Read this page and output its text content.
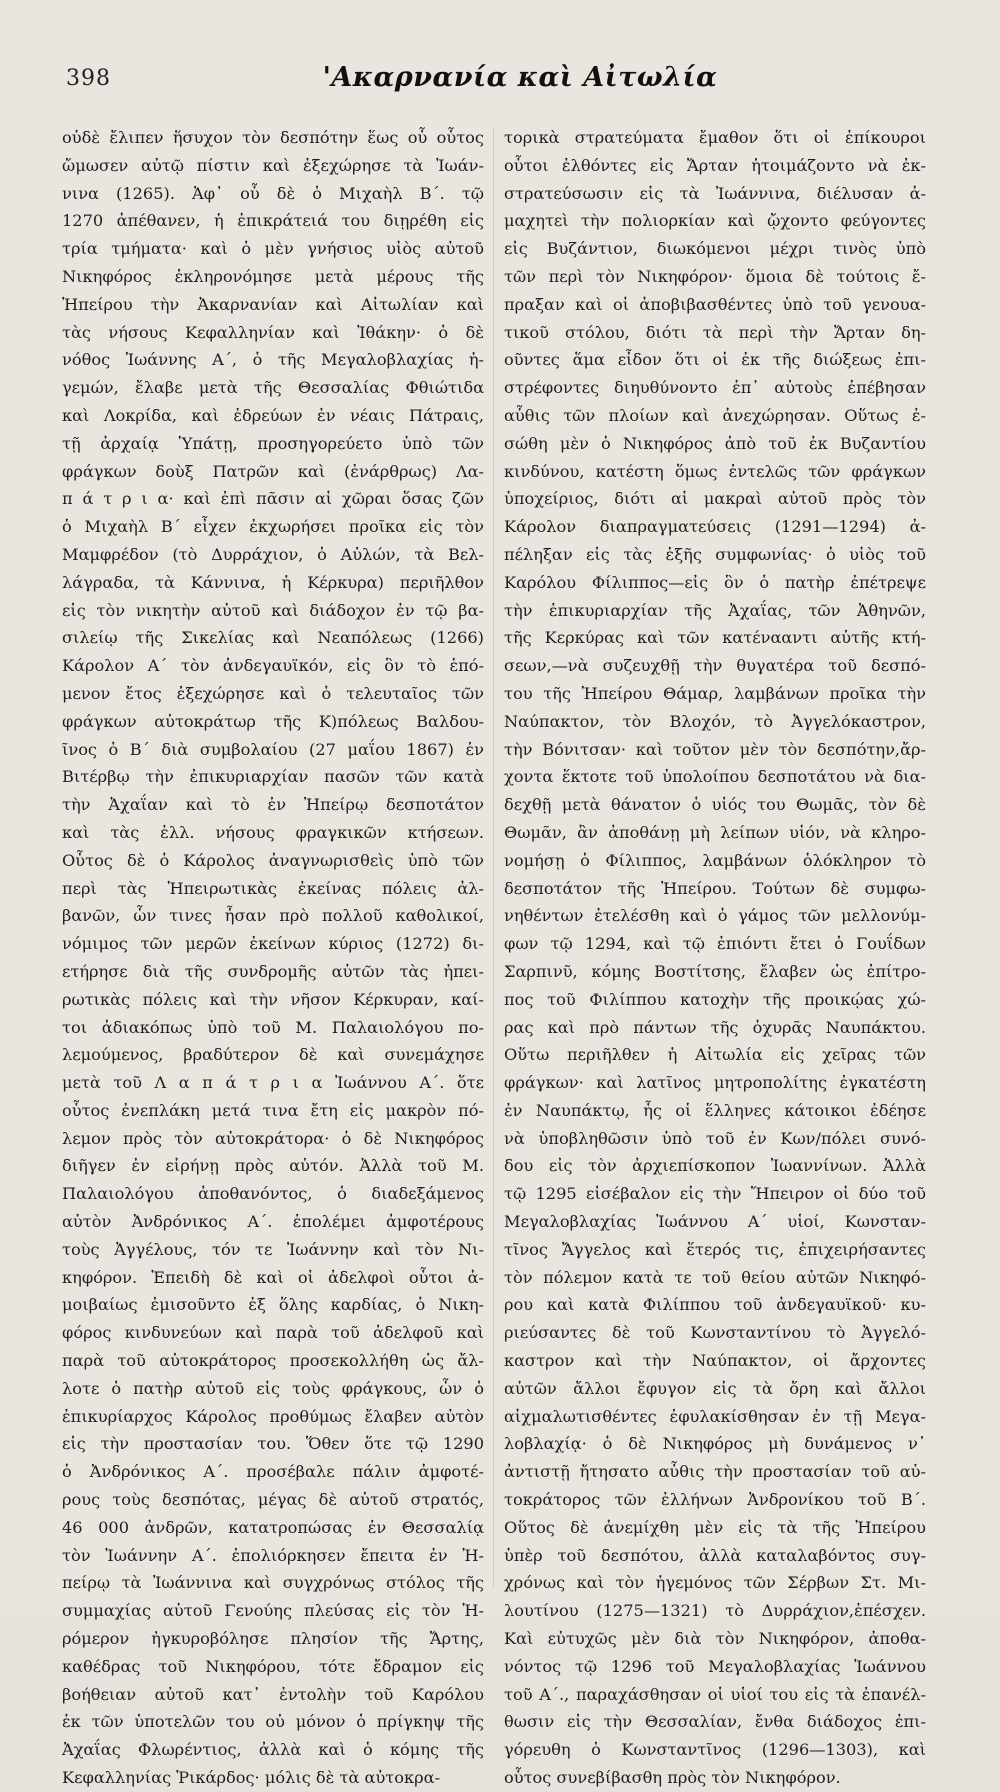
398	'Ακαρνανία καὶ Αἰτωλία
οὐδὲ ἔλιπεν ἥσυχον τὸν δεσπότην ἕως οὗ οὗτος
ὤμωσεν αὐτῷ πίστιν καὶ ἐξεχώρησε τὰ Ἰωάν-
νινα (1265). Ἀφ᾽ οὗ δὲ ὁ Μιχαὴλ Β΄. τῷ
1270 ἀπέθανεν, ἡ ἐπικράτειά του διῃρέθη εἰς
τρία τμήματα· καὶ ὁ μὲν γνήσιος υἱὸς αὐτοῦ
Νικηφόρος ἐκληρονόμησε μετὰ μέρους τῆς
Ἠπείρου τὴν Ἀκαρνανίαν καὶ Αἰτωλίαν καὶ
τὰς νήσους Κεφαλληνίαν καὶ Ἰθάκην· ὁ δὲ
νόθος Ἰωάννης Α΄, ὁ τῆς Μεγαλοβλαχίας ἡ-
γεμών, ἔλαβε μετὰ τῆς Θεσσαλίας Φθιώτιδα
καὶ Λοκρίδα, καὶ ἑδρεύων ἐν νέαις Πάτραις,
τῇ ἀρχαίᾳ Ὑπάτῃ, προσηγορεύετο ὑπὸ τῶν
φράγκων δοὺξ Πατρῶν καὶ (ἐνάρθρως) Λα-
π ά τ ρ ι α· καὶ ἐπὶ πᾶσιν αἱ χῶραι ὅσας ζῶν
ὁ Μιχαὴλ Β΄ εἶχεν ἐκχωρήσει προῖκα εἰς τὸν
Μαμφρέδον (τὸ Δυρράχιον, ὁ Αὐλών, τὰ Βελ-
λάγραδα, τὰ Κάννινα, ἡ Κέρκυρα) περιῆλθον
εἰς τὸν νικητὴν αὐτοῦ καὶ διάδοχον ἐν τῷ βα-
σιλείῳ τῆς Σικελίας καὶ Νεαπόλεως (1266)
Κάρολον Α΄ τὸν ἀνδεγαυϊκόν, εἰς ὃν τὸ ἑπό-
μενον ἔτος ἐξεχώρησε καὶ ὁ τελευταῖος τῶν
φράγκων αὐτοκράτωρ τῆς Κ)πόλεως Βαλδου-
ῖνος ὁ Β΄ διὰ συμβολαίου (27 μαΐου 1867) ἐν
Βιτέρβῳ τὴν ἐπικυριαρχίαν πασῶν τῶν κατὰ
τὴν Ἀχαΐαν καὶ τὸ ἐν Ἠπείρῳ δεσποτάτον
καὶ τὰς ἑλλ. νήσους φραγκικῶν κτήσεων.
Οὗτος δὲ ὁ Κάρολος ἀναγνωρισθεὶς ὑπὸ τῶν
περὶ τὰς Ἠπειρωτικὰς ἐκείνας πόλεις ἀλ-
βανῶν, ὧν τινες ἦσαν πρὸ πολλοῦ καθολικοί,
νόμιμος τῶν μερῶν ἐκείνων κύριος (1272) δι-
ετήρησε διὰ τῆς συνδρομῆς αὐτῶν τὰς ἠπει-
ρωτικὰς πόλεις καὶ τὴν νῆσον Κέρκυραν, καί-
τοι ἀδιακόπως ὑπὸ τοῦ Μ. Παλαιολόγου πο-
λεμούμενος, βραδύτερον δὲ καὶ συνεμάχησε
μετὰ τοῦ Λ α π ά τ ρ ι α Ἰωάννου Α΄. ὅτε
οὗτος ἐνεπλάκη μετά τινα ἔτη εἰς μακρὸν πό-
λεμον πρὸς τὸν αὐτοκράτορα· ὁ δὲ Νικηφόρος
διῆγεν ἐν εἰρήνῃ πρὸς αὐτόν. Ἀλλὰ τοῦ Μ.
Παλαιολόγου ἀποθανόντος, ὁ διαδεξάμενος
αὐτὸν Ἀνδρόνικος Α΄. ἐπολέμει ἀμφοτέρους
τοὺς Ἀγγέλους, τόν τε Ἰωάννην καὶ τὸν Νι-
κηφόρον. Ἐπειδὴ δὲ καὶ οἱ ἀδελφοὶ οὗτοι ἀ-
μοιβαίως ἐμισοῦντο ἐξ ὅλης καρδίας, ὁ Νικη-
φόρος κινδυνεύων καὶ παρὰ τοῦ ἀδελφοῦ καὶ
παρὰ τοῦ αὐτοκράτορος προσεκολλήθη ὡς ἄλ-
λοτε ὁ πατὴρ αὐτοῦ εἰς τοὺς φράγκους, ὧν ὁ
ἐπικυρίαρχος Κάρολος προθύμως ἔλαβεν αὐτὸν
εἰς τὴν προστασίαν του. Ὅθεν ὅτε τῷ 1290
ὁ Ἀνδρόνικος Α΄. προσέβαλε πάλιν ἀμφοτέ-
ρους τοὺς δεσπότας, μέγας δὲ αὐτοῦ στρατός,
46 000 ἀνδρῶν, κατατροπώσας ἐν Θεσσαλίᾳ
τὸν Ἰωάννην Α΄. ἐπολιόρκησεν ἔπειτα ἐν Ἠ-
πείρῳ τὰ Ἰωάννινα καὶ συγχρόνως στόλος τῆς
συμμαχίας αὐτοῦ Γενούης πλεύσας εἰς τὸν Ἠ-
ρόμερον ἠγκυροβόλησε πλησίον τῆς Ἄρτης,
καθέδρας τοῦ Νικηφόρου, τότε ἔδραμον εἰς
βοήθειαν αὐτοῦ κατ᾽ ἐντολὴν τοῦ Καρόλου
ἐκ τῶν ὑποτελῶν του οὐ μόνον ὁ πρίγκηψ τῆς
Ἀχαΐας Φλωρέντιος, ἀλλὰ καὶ ὁ κόμης τῆς
Κεφαλληνίας Ῥικάρδος· μόλις δὲ τὰ αὐτοκρα-
τορικὰ στρατεύματα ἔμαθον ὅτι οἱ ἐπίκουροι
οὗτοι ἐλθόντες εἰς Ἄρταν ἡτοιμάζοντο νὰ ἐκ-
στρατεύσωσιν εἰς τὰ Ἰωάννινα, διέλυσαν ἀ-
μαχητεὶ τὴν πολιορκίαν καὶ ᾤχοντο φεύγοντες
εἰς Βυζάντιον, διωκόμενοι μέχρι τινὸς ὑπὸ
τῶν περὶ τὸν Νικηφόρον· ὅμοια δὲ τούτοις ἔ-
πραξαν καὶ οἱ ἀποβιβασθέντες ὑπὸ τοῦ γενουα-
τικοῦ στόλου, διότι τὰ περὶ τὴν Ἄρταν δη-
οῦντες ἅμα εἶδον ὅτι οἱ ἐκ τῆς διώξεως ἐπι-
στρέφοντες διηυθύνοντο ἐπ᾽ αὐτοὺς ἐπέβησαν
αὖθις τῶν πλοίων καὶ ἀνεχώρησαν. Οὕτως ἐ-
σώθη μὲν ὁ Νικηφόρος ἀπὸ τοῦ ἐκ Βυζαντίου
κινδύνου, κατέστη ὅμως ἐντελῶς τῶν φράγκων
ὑποχείριος, διότι αἱ μακραὶ αὐτοῦ πρὸς τὸν
Κάρολον διαπραγματεύσεις (1291—1294) ἀ-
πέληξαν εἰς τὰς ἑξῆς συμφωνίας· ὁ υἱὸς τοῦ
Καρόλου Φίλιππος—εἰς ὃν ὁ πατὴρ ἐπέτρεψε
τὴν ἐπικυριαρχίαν τῆς Ἀχαΐας, τῶν Ἀθηνῶν,
τῆς Κερκύρας καὶ τῶν κατένααντι αὐτῆς κτή-
σεων,—νὰ συζευχθῇ τὴν θυγατέρα τοῦ δεσπό-
του τῆς Ἠπείρου Θάμαρ, λαμβάνων προῖκα τὴν
Ναύπακτον, τὸν Βλοχόν, τὸ Ἀγγελόκαστρον,
τὴν Βόνιτσαν· καὶ τοῦτον μὲν τὸν δεσπότην,ἄρ-
χοντα ἕκτοτε τοῦ ὑπολοίπου δεσποτάτου νὰ δια-
δεχθῇ μετὰ θάνατον ὁ υἱός του Θωμᾶς, τὸν δὲ
Θωμᾶν, ἂν ἀποθάνῃ μὴ λείπων υἱόν, νὰ κληρο-
νομήσῃ ὁ Φίλιππος, λαμβάνων ὁλόκληρον τὸ
δεσποτάτον τῆς Ἠπείρου. Τούτων δὲ συμφω-
νηθέντων ἐτελέσθη καὶ ὁ γάμος τῶν μελλονύμ-
φων τῷ 1294, καὶ τῷ ἐπιόντι ἔτει ὁ Γουΐδων
Σαρπινῦ, κόμης Βοστίτσης, ἔλαβεν ὡς ἐπίτρο-
πος τοῦ Φιλίππου κατοχὴν τῆς προικῴας χώ-
ρας καὶ πρὸ πάντων τῆς ὀχυρᾶς Ναυπάκτου.
Οὕτω περιῆλθεν ἡ Αἰτωλία εἰς χεῖρας τῶν
φράγκων· καὶ λατῖνος μητροπολίτης ἐγκατέστη
ἐν Ναυπάκτῳ, ἧς οἱ ἕλληνες κάτοικοι ἐδέησε
νὰ ὑποβληθῶσιν ὑπὸ τοῦ ἐν Κων/πόλει συνό-
δου εἰς τὸν ἀρχιεπίσκοπον Ἰωαννίνων. Ἀλλὰ
τῷ 1295 εἰσέβαλον εἰς τὴν Ἤπειρον οἱ δύο τοῦ
Μεγαλοβλαχίας Ἰωάννου Α΄ υἱοί, Κωνσταν-
τῖνος Ἄγγελος καὶ ἕτερός τις, ἐπιχειρήσαντες
τὸν πόλεμον κατὰ τε τοῦ θείου αὐτῶν Νικηφό-
ρου καὶ κατὰ Φιλίππου τοῦ ἀνδεγαυϊκοῦ· κυ-
ριεύσαντες δὲ τοῦ Κωνσταντίνου τὸ Ἀγγελό-
καστρον καὶ τὴν Ναύπακτον, οἱ ἄρχοντες
αὐτῶν ἄλλοι ἔφυγον εἰς τὰ ὄρη καὶ ἄλλοι
αἰχμαλωτισθέντες ἐφυλακίσθησαν ἐν τῇ Μεγα-
λοβλαχίᾳ· ὁ δὲ Νικηφόρος μὴ δυνάμενος ν᾽
ἀντιστῇ ἤτησατο αὖθις τὴν προστασίαν τοῦ αὐ-
τοκράτορος τῶν ἑλλήνων Ἀνδρονίκου τοῦ Β΄.
Οὕτος δὲ ἀνεμίχθη μὲν εἰς τὰ τῆς Ἠπείρου
ὑπὲρ τοῦ δεσπότου, ἀλλὰ καταλαβόντος συγ-
χρόνως καὶ τὸν ἡγεμόνος τῶν Σέρβων Στ. Μι-
λουτίνου (1275—1321) τὸ Δυρράχιον,ἐπέσχεν.
Καὶ εὐτυχῶς μὲν διὰ τὸν Νικηφόρον, ἀποθα-
νόντος τῷ 1296 τοῦ Μεγαλοβλαχίας Ἰωάννου
τοῦ Α΄., παραχάσθησαν οἱ υἱοί του εἰς τὰ ἐπανέλ-
θωσιν εἰς τὴν Θεσσαλίαν, ἔνθα διάδοχος ἐπι-
γόρευθη ὁ Κωνσταντῖνος (1296—1303), καὶ
οὗτος συνεβίβασθη πρὸς τὸν Νικηφόρον.
